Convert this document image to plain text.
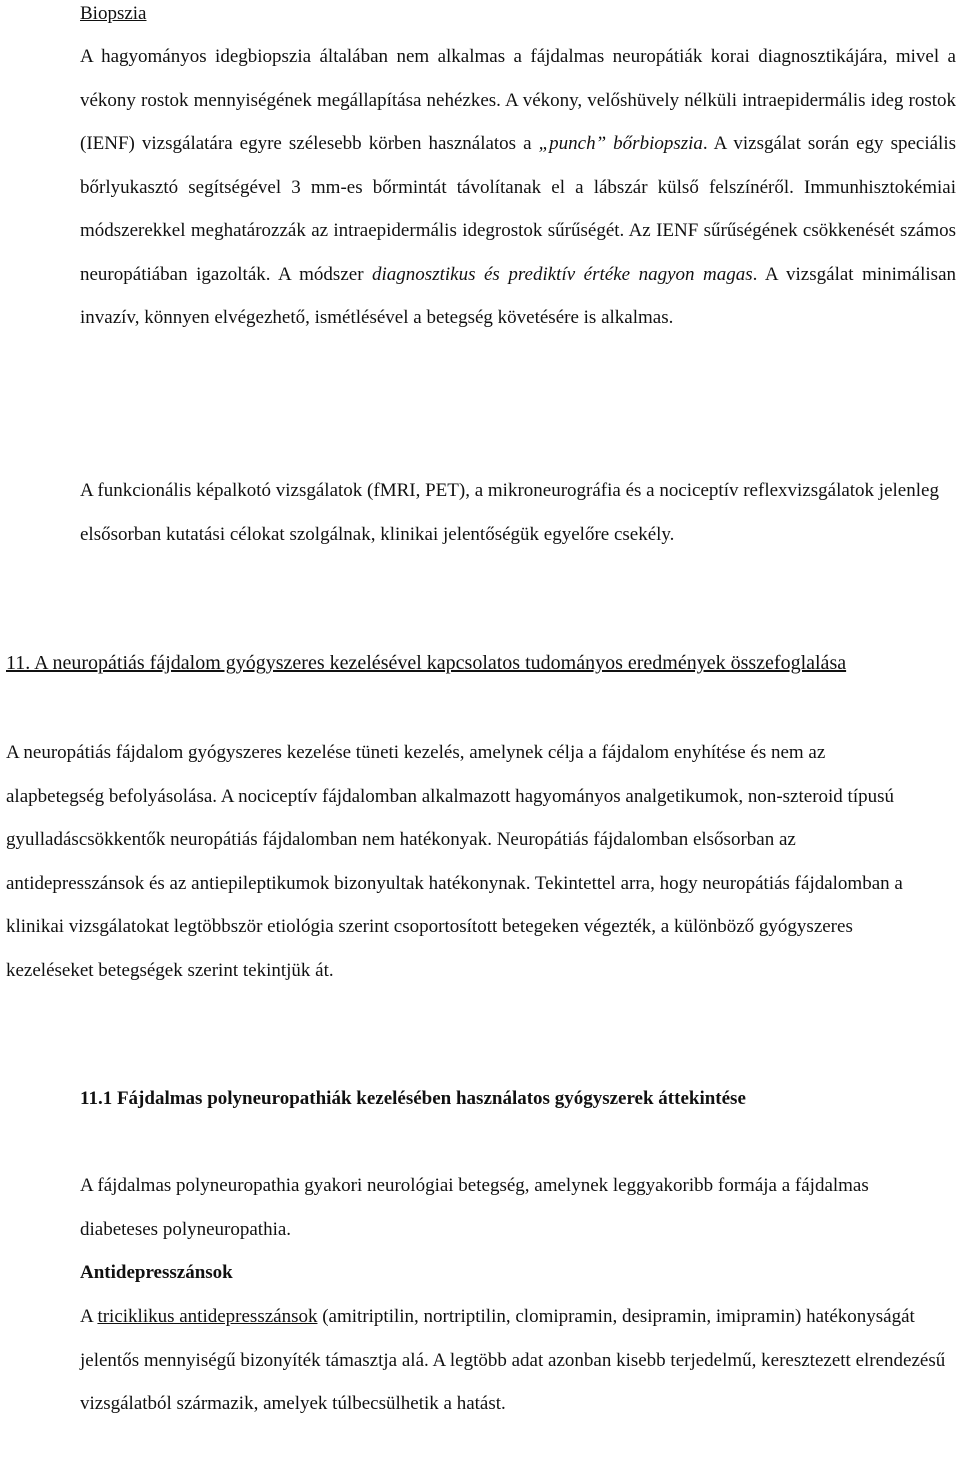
Biopszia

A hagyományos idegbiopszia általában nem alkalmas a fájdalmas neuropátiák korai diagnosztikájára, mivel a vékony rostok mennyiségének megállapítása nehézkes. A vékony, velőshüvely nélküli intraepidermális ideg rostok (IENF) vizsgálatára egyre szélesebb körben használatos a „punch” bőrbiopszia. A vizsgálat során egy speciális bőrlyukasztó segítségével 3 mm-es bőrmintát távolítanak el a lábszár külső felszínéről. Immunhisztokémiai módszerekkel meghatározzák az intraepidermális idegrostok sűrűségét. Az IENF sűrűségének csökkenését számos neuropátiában igazolták. A módszer diagnosztikus és prediktív értéke nagyon magas. A vizsgálat minimálisan invazív, könnyen elvégezhető, ismétlésével a betegség követésére is alkalmas.

A funkcionális képalkotó vizsgálatok (fMRI, PET), a mikroneurográfia és a nociceptív reflexvizsgálatok jelenleg elsősorban kutatási célokat szolgálnak, klinikai jelentőségük egyelőre csekély.

11. A neuropátiás fájdalom gyógyszeres kezelésével kapcsolatos tudományos eredmények összefoglalása

A neuropátiás fájdalom gyógyszeres kezelése tüneti kezelés, amelynek célja a fájdalom enyhítése és nem az alapbetegség befolyásolása. A nociceptív fájdalomban alkalmazott hagyományos analgetikumok, non-szteroid típusú gyulladáscsökkentők neuropátiás fájdalomban nem hatékonyak. Neuropátiás fájdalomban elsősorban az antidepresszánsok és az antiepileptikumok bizonyultak hatékonynak. Tekintettel arra, hogy neuropátiás fájdalomban a klinikai vizsgálatokat legtöbbször etiológia szerint csoportosított betegeken végezték, a különböző gyógyszeres kezeléseket betegségek szerint tekintjük át.

11.1 Fájdalmas polyneuropathiák kezelésében használatos gyógyszerek áttekintése

A fájdalmas polyneuropathia gyakori neurológiai betegség, amelynek leggyakoribb formája a fájdalmas diabeteses polyneuropathia.

Antidepresszánsok

A triciklikus antidepresszánsok (amitriptilin, nortriptilin, clomipramin, desipramin, imipramin) hatékonyságát jelentős mennyiségű bizonyíték támasztja alá. A legtöbb adat azonban kisebb terjedelmű, keresztezett elrendezésű vizsgálatból származik, amelyek túlbecsülhetik a hatást.
